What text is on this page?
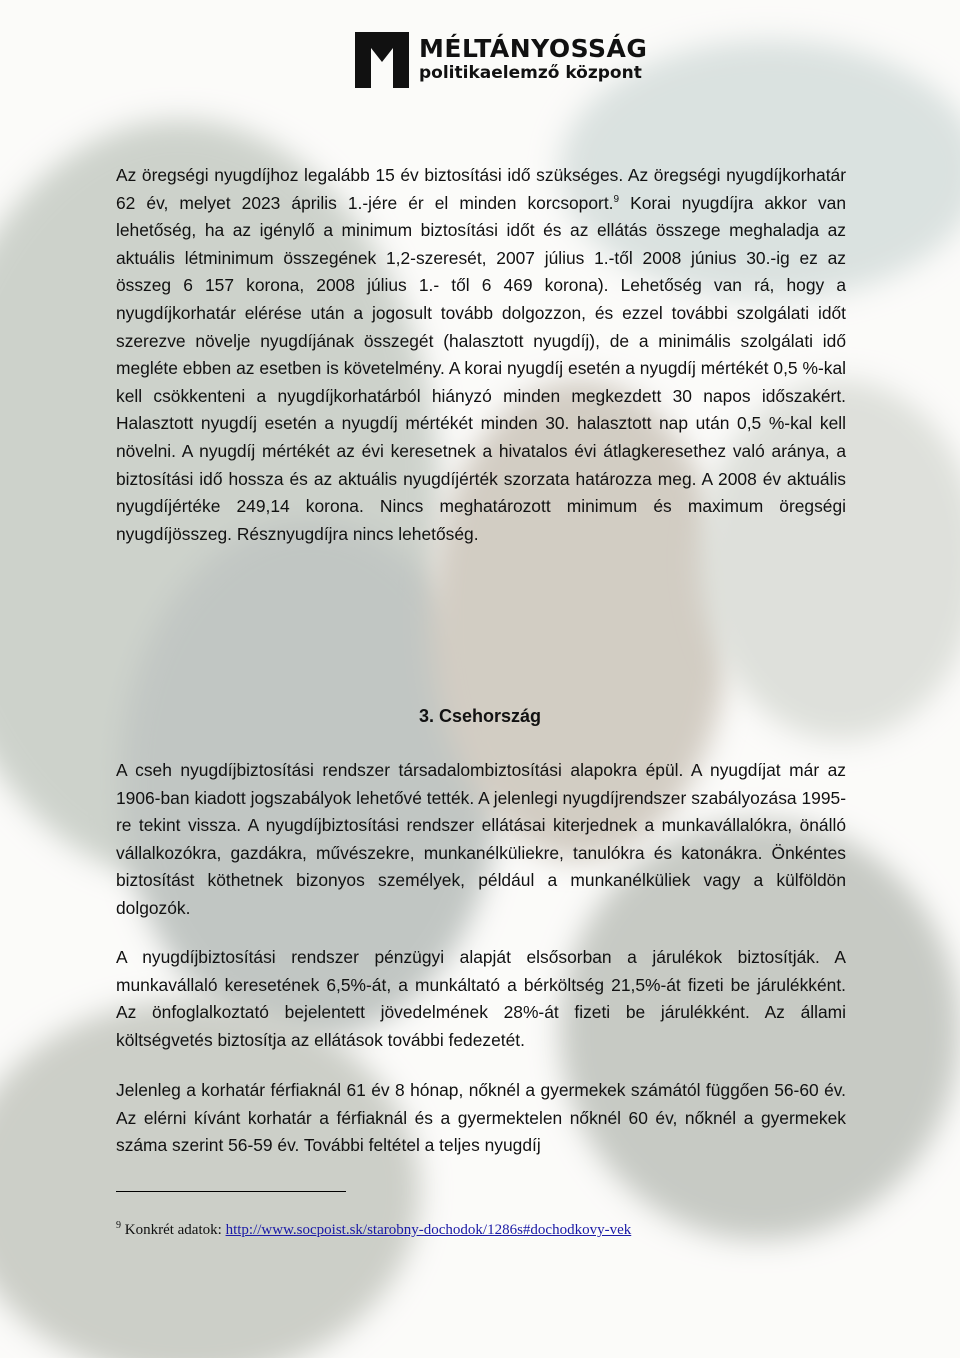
MÉLTÁNYOSSÁG
politikaelemző központ

Az öregségi nyugdíjhoz legalább 15 év biztosítási idő szükséges. Az öregségi nyugdíjkorhatár 62 év, melyet 2023 április 1.-jére ér el minden korcsoport.$^9$ Korai nyugdíjra akkor van lehetőség, ha az igénylő a minimum biztosítási időt és az ellátás összege meghaladja az aktuális létminimum összegének 1,2-szeresét, 2007 július 1.-től 2008 június 30.-ig ez az összeg 6 157 korona, 2008 július 1.- től 6 469 korona). Lehetőség van rá, hogy a nyugdíjkorhatár elérése után a jogosult tovább dolgozzon, és ezzel további szolgálati időt szerezve növelje nyugdíjának összegét (halasztott nyugdíj), de a minimális szolgálati idő megléte ebben az esetben is követelmény. A korai nyugdíj esetén a nyugdíj mértékét 0,5 %-kal kell csökkenteni a nyugdíjkorhatárból hiányzó minden megkezdett 30 napos időszakért. Halasztott nyugdíj esetén a nyugdíj mértékét minden 30. halasztott nap után 0,5 %-kal kell növelni. A nyugdíj mértékét az évi keresetnek a hivatalos évi átlagkeresethez való aránya, a biztosítási idő hossza és az aktuális nyugdíjérték szorzata határozza meg. A 2008 év aktuális nyugdíjértéke 249,14 korona. Nincs meghatározott minimum és maximum öregségi nyugdíjösszeg. Résznyugdíjra nincs lehetőség.

3. Csehország

A cseh nyugdíjbiztosítási rendszer társadalombiztosítási alapokra épül. A nyugdíjat már az 1906-ban kiadott jogszabályok lehetővé tették. A jelenlegi nyugdíjrendszer szabályozása 1995-re tekint vissza. A nyugdíjbiztosítási rendszer ellátásai kiterjednek a munkavállalókra, önálló vállalkozókra, gazdákra, művészekre, munkanélküliekre, tanulókra és katonákra. Önkéntes biztosítást köthetnek bizonyos személyek, például a munkanélküliek vagy a külföldön dolgozók.

A nyugdíjbiztosítási rendszer pénzügyi alapját elsősorban a járulékok biztosítják. A munkavállaló keresetének 6,5%-át, a munkáltató a bérköltség 21,5%-át fizeti be járulékként. Az önfoglalkoztató bejelentett jövedelmének 28%-át fizeti be járulékként. Az állami költségvetés biztosítja az ellátások további fedezetét.

Jelenleg a korhatár férfiaknál 61 év 8 hónap, nőknél a gyermekek számától függően 56-60 év. Az elérni kívánt korhatár a férfiaknál és a gyermektelen nőknél 60 év, nőknél a gyermekek száma szerint 56-59 év. További feltétel a teljes nyugdíj

$^9$ Konkrét adatok: http://www.socpoist.sk/starobny-dochodok/1286s#dochodkovy-vek
